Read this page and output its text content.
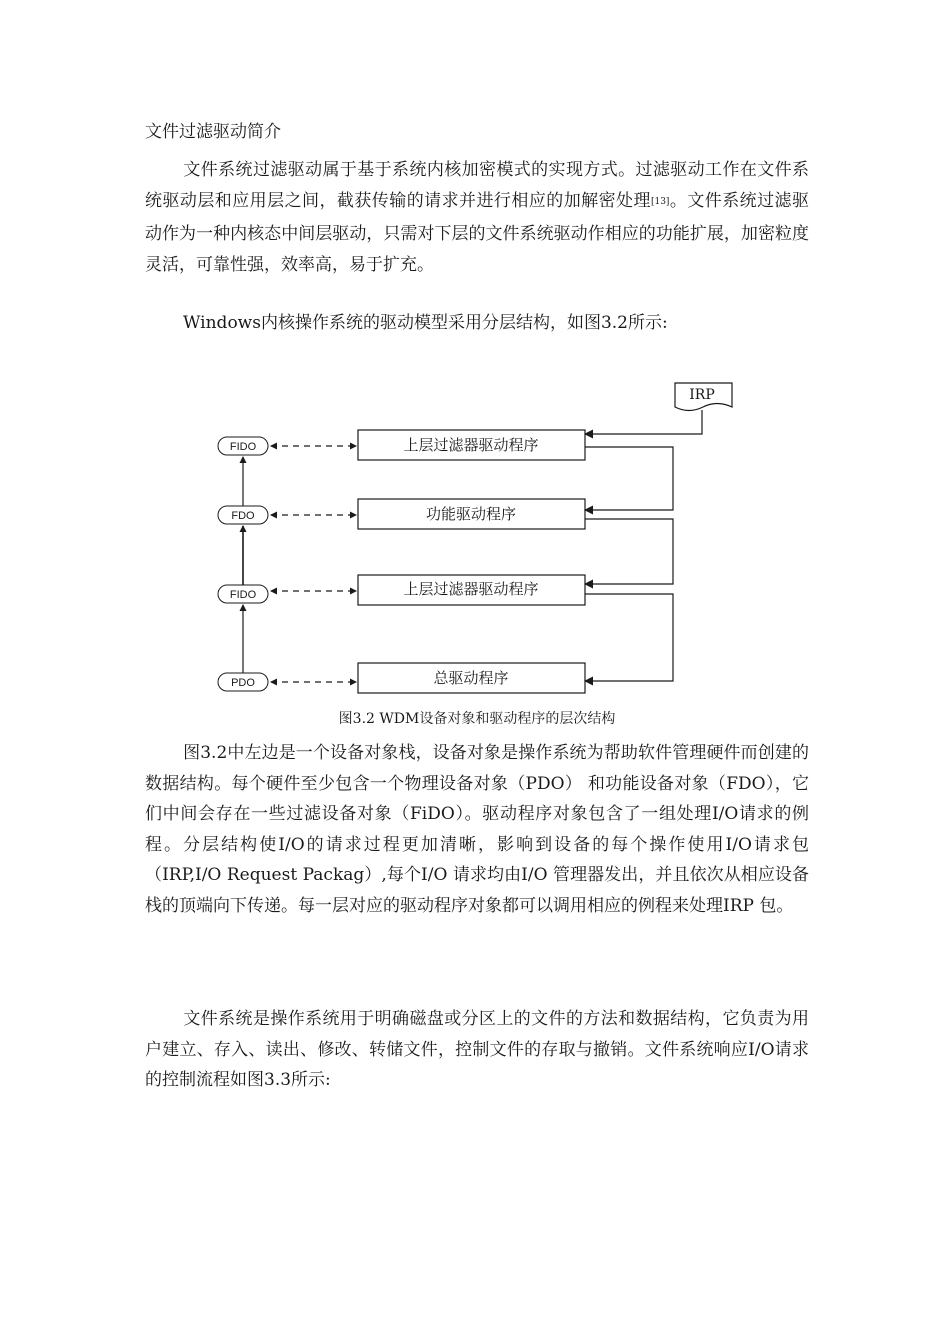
文件过滤驱动简介

文件系统过滤驱动属于基于系统内核加密模式的实现方式。过滤驱动工作在文件系统驱动层和应用层之间，截获传输的请求并进行相应的加解密处理[13]。文件系统过滤驱动作为一种内核态中间层驱动，只需对下层的文件系统驱动作相应的功能扩展，加密粒度灵活，可靠性强，效率高，易于扩充。

Windows内核操作系统的驱动模型采用分层结构，如图3.2所示:

IRP
上层过滤器驱动程序
功能驱动程序
上层过滤器驱动程序
总驱动程序
FIDO
FDO
FIDO
PDO
图3.2 WDM设备对象和驱动程序的层次结构

图3.2中左边是一个设备对象栈，设备对象是操作系统为帮助软件管理硬件而创建的数据结构。每个硬件至少包含一个物理设备对象（PDO） 和功能设备对象（FDO），它们中间会存在一些过滤设备对象（FiDO）。驱动程序对象包含了一组处理I/O请求的例程。分层结构使I/O的请求过程更加清晰，影响到设备的每个操作使用I/O请求包（IRP,I/O Request Packag）,每个I/O 请求均由I/O 管理器发出，并且依次从相应设备栈的顶端向下传递。每一层对应的驱动程序对象都可以调用相应的例程来处理IRP 包。

文件系统是操作系统用于明确磁盘或分区上的文件的方法和数据结构，它负责为用户建立、存入、读出、修改、转储文件，控制文件的存取与撤销。文件系统响应I/O请求的控制流程如图3.3所示:
